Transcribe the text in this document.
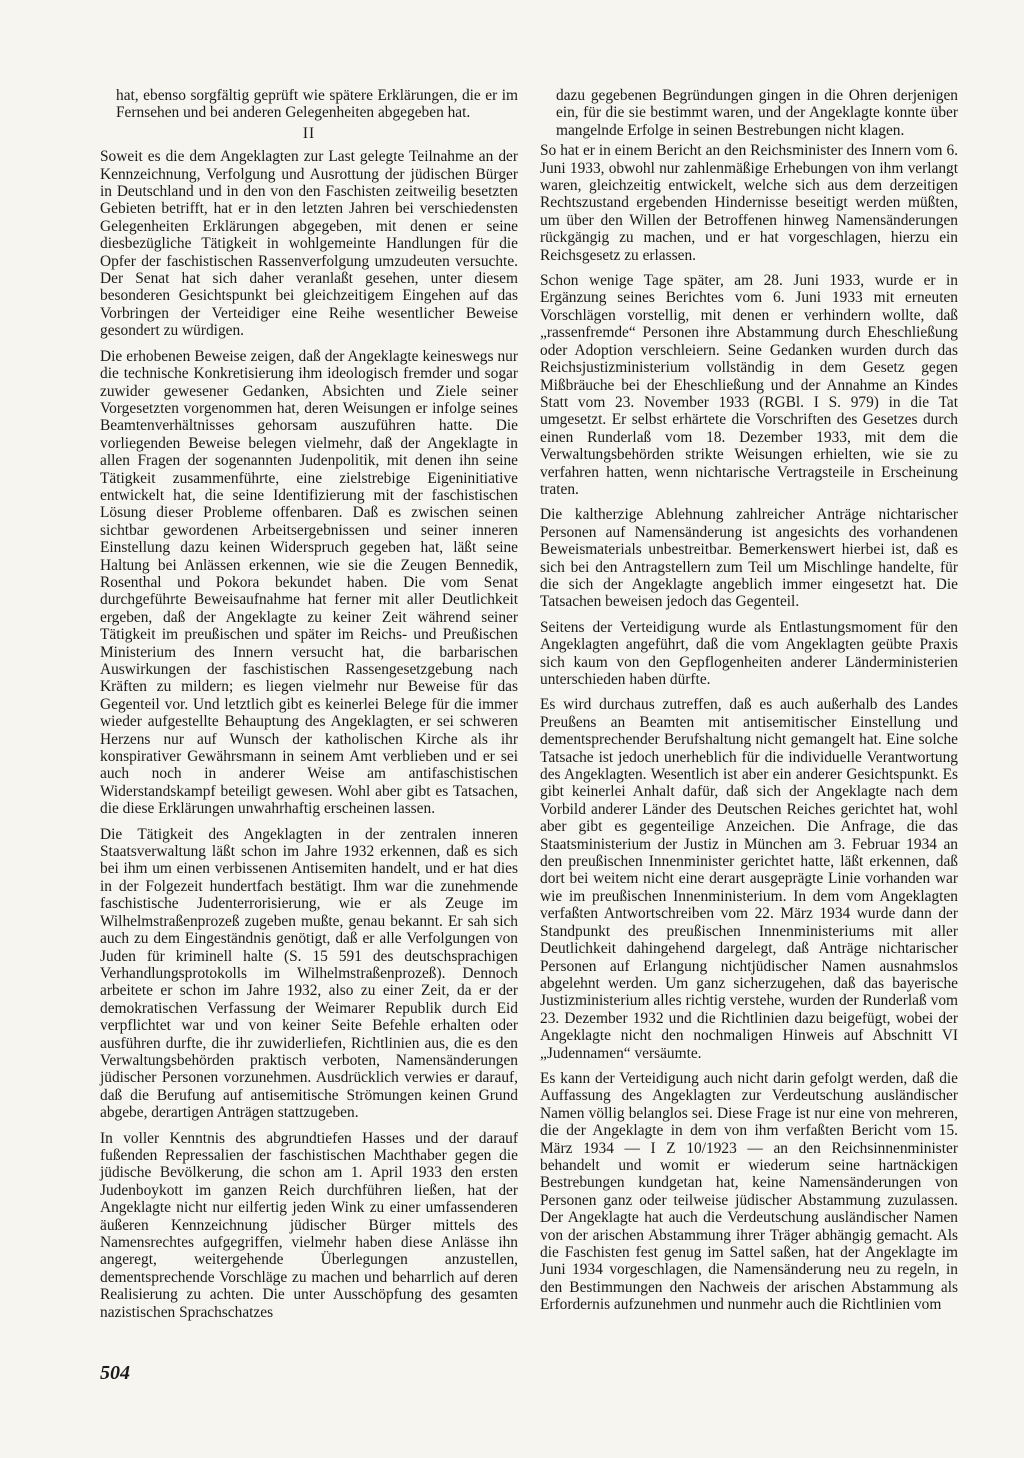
hat, ebenso sorgfältig geprüft wie spätere Erklärungen, die er im Fernsehen und bei anderen Gelegenheiten abgegeben hat.

II

Soweit es die dem Angeklagten zur Last gelegte Teilnahme an der Kennzeichnung, Verfolgung und Ausrottung der jüdischen Bürger in Deutschland und in den von den Faschisten zeitweilig besetzten Gebieten betrifft, hat er in den letzten Jahren bei verschiedensten Gelegenheiten Erklärungen abgegeben, mit denen er seine diesbezügliche Tätigkeit in wohlgemeinte Handlungen für die Opfer der faschistischen Rassenverfolgung umzudeuten versuchte. Der Senat hat sich daher veranlaßt gesehen, unter diesem besonderen Gesichtspunkt bei gleichzeitigem Eingehen auf das Vorbringen der Verteidiger eine Reihe wesentlicher Beweise gesondert zu würdigen.

Die erhobenen Beweise zeigen, daß der Angeklagte keineswegs nur die technische Konkretisierung ihm ideologisch fremder und sogar zuwider gewesener Gedanken, Absichten und Ziele seiner Vorgesetzten vorgenommen hat, deren Weisungen er infolge seines Beamtenverhältnisses gehorsam auszuführen hatte. Die vorliegenden Beweise belegen vielmehr, daß der Angeklagte in allen Fragen der sogenannten Judenpolitik, mit denen ihn seine Tätigkeit zusammenführte, eine zielstrebige Eigeninitiative entwickelt hat, die seine Identifizierung mit der faschistischen Lösung dieser Probleme offenbaren. Daß es zwischen seinen sichtbar gewordenen Arbeitsergebnissen und seiner inneren Einstellung dazu keinen Widerspruch gegeben hat, läßt seine Haltung bei Anlässen erkennen, wie sie die Zeugen Bennedik, Rosenthal und Pokora bekundet haben. Die vom Senat durchgeführte Beweisaufnahme hat ferner mit aller Deutlichkeit ergeben, daß der Angeklagte zu keiner Zeit während seiner Tätigkeit im preußischen und später im Reichs- und Preußischen Ministerium des Innern versucht hat, die barbarischen Auswirkungen der faschistischen Rassengesetzgebung nach Kräften zu mildern; es liegen vielmehr nur Beweise für das Gegenteil vor. Und letztlich gibt es keinerlei Belege für die immer wieder aufgestellte Behauptung des Angeklagten, er sei schweren Herzens nur auf Wunsch der katholischen Kirche als ihr konspirativer Gewährsmann in seinem Amt verblieben und er sei auch noch in anderer Weise am antifaschistischen Widerstandskampf beteiligt gewesen. Wohl aber gibt es Tatsachen, die diese Erklärungen unwahrhaftig erscheinen lassen.

Die Tätigkeit des Angeklagten in der zentralen inneren Staatsverwaltung läßt schon im Jahre 1932 erkennen, daß es sich bei ihm um einen verbissenen Antisemiten handelt, und er hat dies in der Folgezeit hundertfach bestätigt. Ihm war die zunehmende faschistische Judenterrorisierung, wie er als Zeuge im Wilhelmstraßenprozeß zugeben mußte, genau bekannt. Er sah sich auch zu dem Eingeständnis genötigt, daß er alle Verfolgungen von Juden für kriminell halte (S. 15 591 des deutschsprachigen Verhandlungsprotokolls im Wilhelmstraßenprozeß). Dennoch arbeitete er schon im Jahre 1932, also zu einer Zeit, da er der demokratischen Verfassung der Weimarer Republik durch Eid verpflichtet war und von keiner Seite Befehle erhalten oder ausführen durfte, die ihr zuwiderliefen, Richtlinien aus, die es den Verwaltungsbehörden praktisch verboten, Namensänderungen jüdischer Personen vorzunehmen. Ausdrücklich verwies er darauf, daß die Berufung auf antisemitische Strömungen keinen Grund abgebe, derartigen Anträgen stattzugeben.

In voller Kenntnis des abgrundtiefen Hasses und der darauf fußenden Repressalien der faschistischen Machthaber gegen die jüdische Bevölkerung, die schon am 1. April 1933 den ersten Judenboykott im ganzen Reich durchführen ließen, hat der Angeklagte nicht nur eilfertig jeden Wink zu einer umfassenderen äußeren Kennzeichnung jüdischer Bürger mittels des Namensrechtes aufgegriffen, vielmehr haben diese Anlässe ihn angeregt, weitergehende Überlegungen anzustellen, dementsprechende Vorschläge zu machen und beharrlich auf deren Realisierung zu achten. Die unter Ausschöpfung des gesamten nazistischen Sprachschatzes

dazu gegebenen Begründungen gingen in die Ohren derjenigen ein, für die sie bestimmt waren, und der Angeklagte konnte über mangelnde Erfolge in seinen Bestrebungen nicht klagen.

So hat er in einem Bericht an den Reichsminister des Innern vom 6. Juni 1933, obwohl nur zahlenmäßige Erhebungen von ihm verlangt waren, gleichzeitig entwickelt, welche sich aus dem derzeitigen Rechtszustand ergebenden Hindernisse beseitigt werden müßten, um über den Willen der Betroffenen hinweg Namensänderungen rückgängig zu machen, und er hat vorgeschlagen, hierzu ein Reichsgesetz zu erlassen.

Schon wenige Tage später, am 28. Juni 1933, wurde er in Ergänzung seines Berichtes vom 6. Juni 1933 mit erneuten Vorschlägen vorstellig, mit denen er verhindern wollte, daß „rassenfremde“ Personen ihre Abstammung durch Eheschließung oder Adoption verschleiern. Seine Gedanken wurden durch das Reichsjustizministerium vollständig in dem Gesetz gegen Mißbräuche bei der Eheschließung und der Annahme an Kindes Statt vom 23. November 1933 (RGBl. I S. 979) in die Tat umgesetzt. Er selbst erhärtete die Vorschriften des Gesetzes durch einen Runderlaß vom 18. Dezember 1933, mit dem die Verwaltungsbehörden strikte Weisungen erhielten, wie sie zu verfahren hatten, wenn nichtarische Vertragsteile in Erscheinung traten.

Die kaltherzige Ablehnung zahlreicher Anträge nichtarischer Personen auf Namensänderung ist angesichts des vorhandenen Beweismaterials unbestreitbar. Bemerkenswert hierbei ist, daß es sich bei den Antragstellern zum Teil um Mischlinge handelte, für die sich der Angeklagte angeblich immer eingesetzt hat. Die Tatsachen beweisen jedoch das Gegenteil.

Seitens der Verteidigung wurde als Entlastungsmoment für den Angeklagten angeführt, daß die vom Angeklagten geübte Praxis sich kaum von den Gepflogenheiten anderer Länderministerien unterschieden haben dürfte.

Es wird durchaus zutreffen, daß es auch außerhalb des Landes Preußens an Beamten mit antisemitischer Einstellung und dementsprechender Berufshaltung nicht gemangelt hat. Eine solche Tatsache ist jedoch unerheblich für die individuelle Verantwortung des Angeklagten. Wesentlich ist aber ein anderer Gesichtspunkt. Es gibt keinerlei Anhalt dafür, daß sich der Angeklagte nach dem Vorbild anderer Länder des Deutschen Reiches gerichtet hat, wohl aber gibt es gegenteilige Anzeichen. Die Anfrage, die das Staatsministerium der Justiz in München am 3. Februar 1934 an den preußischen Innenminister gerichtet hatte, läßt erkennen, daß dort bei weitem nicht eine derart ausgeprägte Linie vorhanden war wie im preußischen Innenministerium. In dem vom Angeklagten verfaßten Antwortschreiben vom 22. März 1934 wurde dann der Standpunkt des preußischen Innenministeriums mit aller Deutlichkeit dahingehend dargelegt, daß Anträge nichtarischer Personen auf Erlangung nichtjüdischer Namen ausnahmslos abgelehnt werden. Um ganz sicherzugehen, daß das bayerische Justizministerium alles richtig verstehe, wurden der Runderlaß vom 23. Dezember 1932 und die Richtlinien dazu beigefügt, wobei der Angeklagte nicht den nochmaligen Hinweis auf Abschnitt VI „Judennamen“ versäumte.

Es kann der Verteidigung auch nicht darin gefolgt werden, daß die Auffassung des Angeklagten zur Verdeutschung ausländischer Namen völlig belanglos sei. Diese Frage ist nur eine von mehreren, die der Angeklagte in dem von ihm verfaßten Bericht vom 15. März 1934 — I Z 10/1923 — an den Reichsinnenminister behandelt und womit er wiederum seine hartnäckigen Bestrebungen kundgetan hat, keine Namensänderungen von Personen ganz oder teilweise jüdischer Abstammung zuzulassen. Der Angeklagte hat auch die Verdeutschung ausländischer Namen von der arischen Abstammung ihrer Träger abhängig gemacht. Als die Faschisten fest genug im Sattel saßen, hat der Angeklagte im Juni 1934 vorgeschlagen, die Namensänderung neu zu regeln, in den Bestimmungen den Nachweis der arischen Abstammung als Erfordernis aufzunehmen und nunmehr auch die Richtlinien vom

504
